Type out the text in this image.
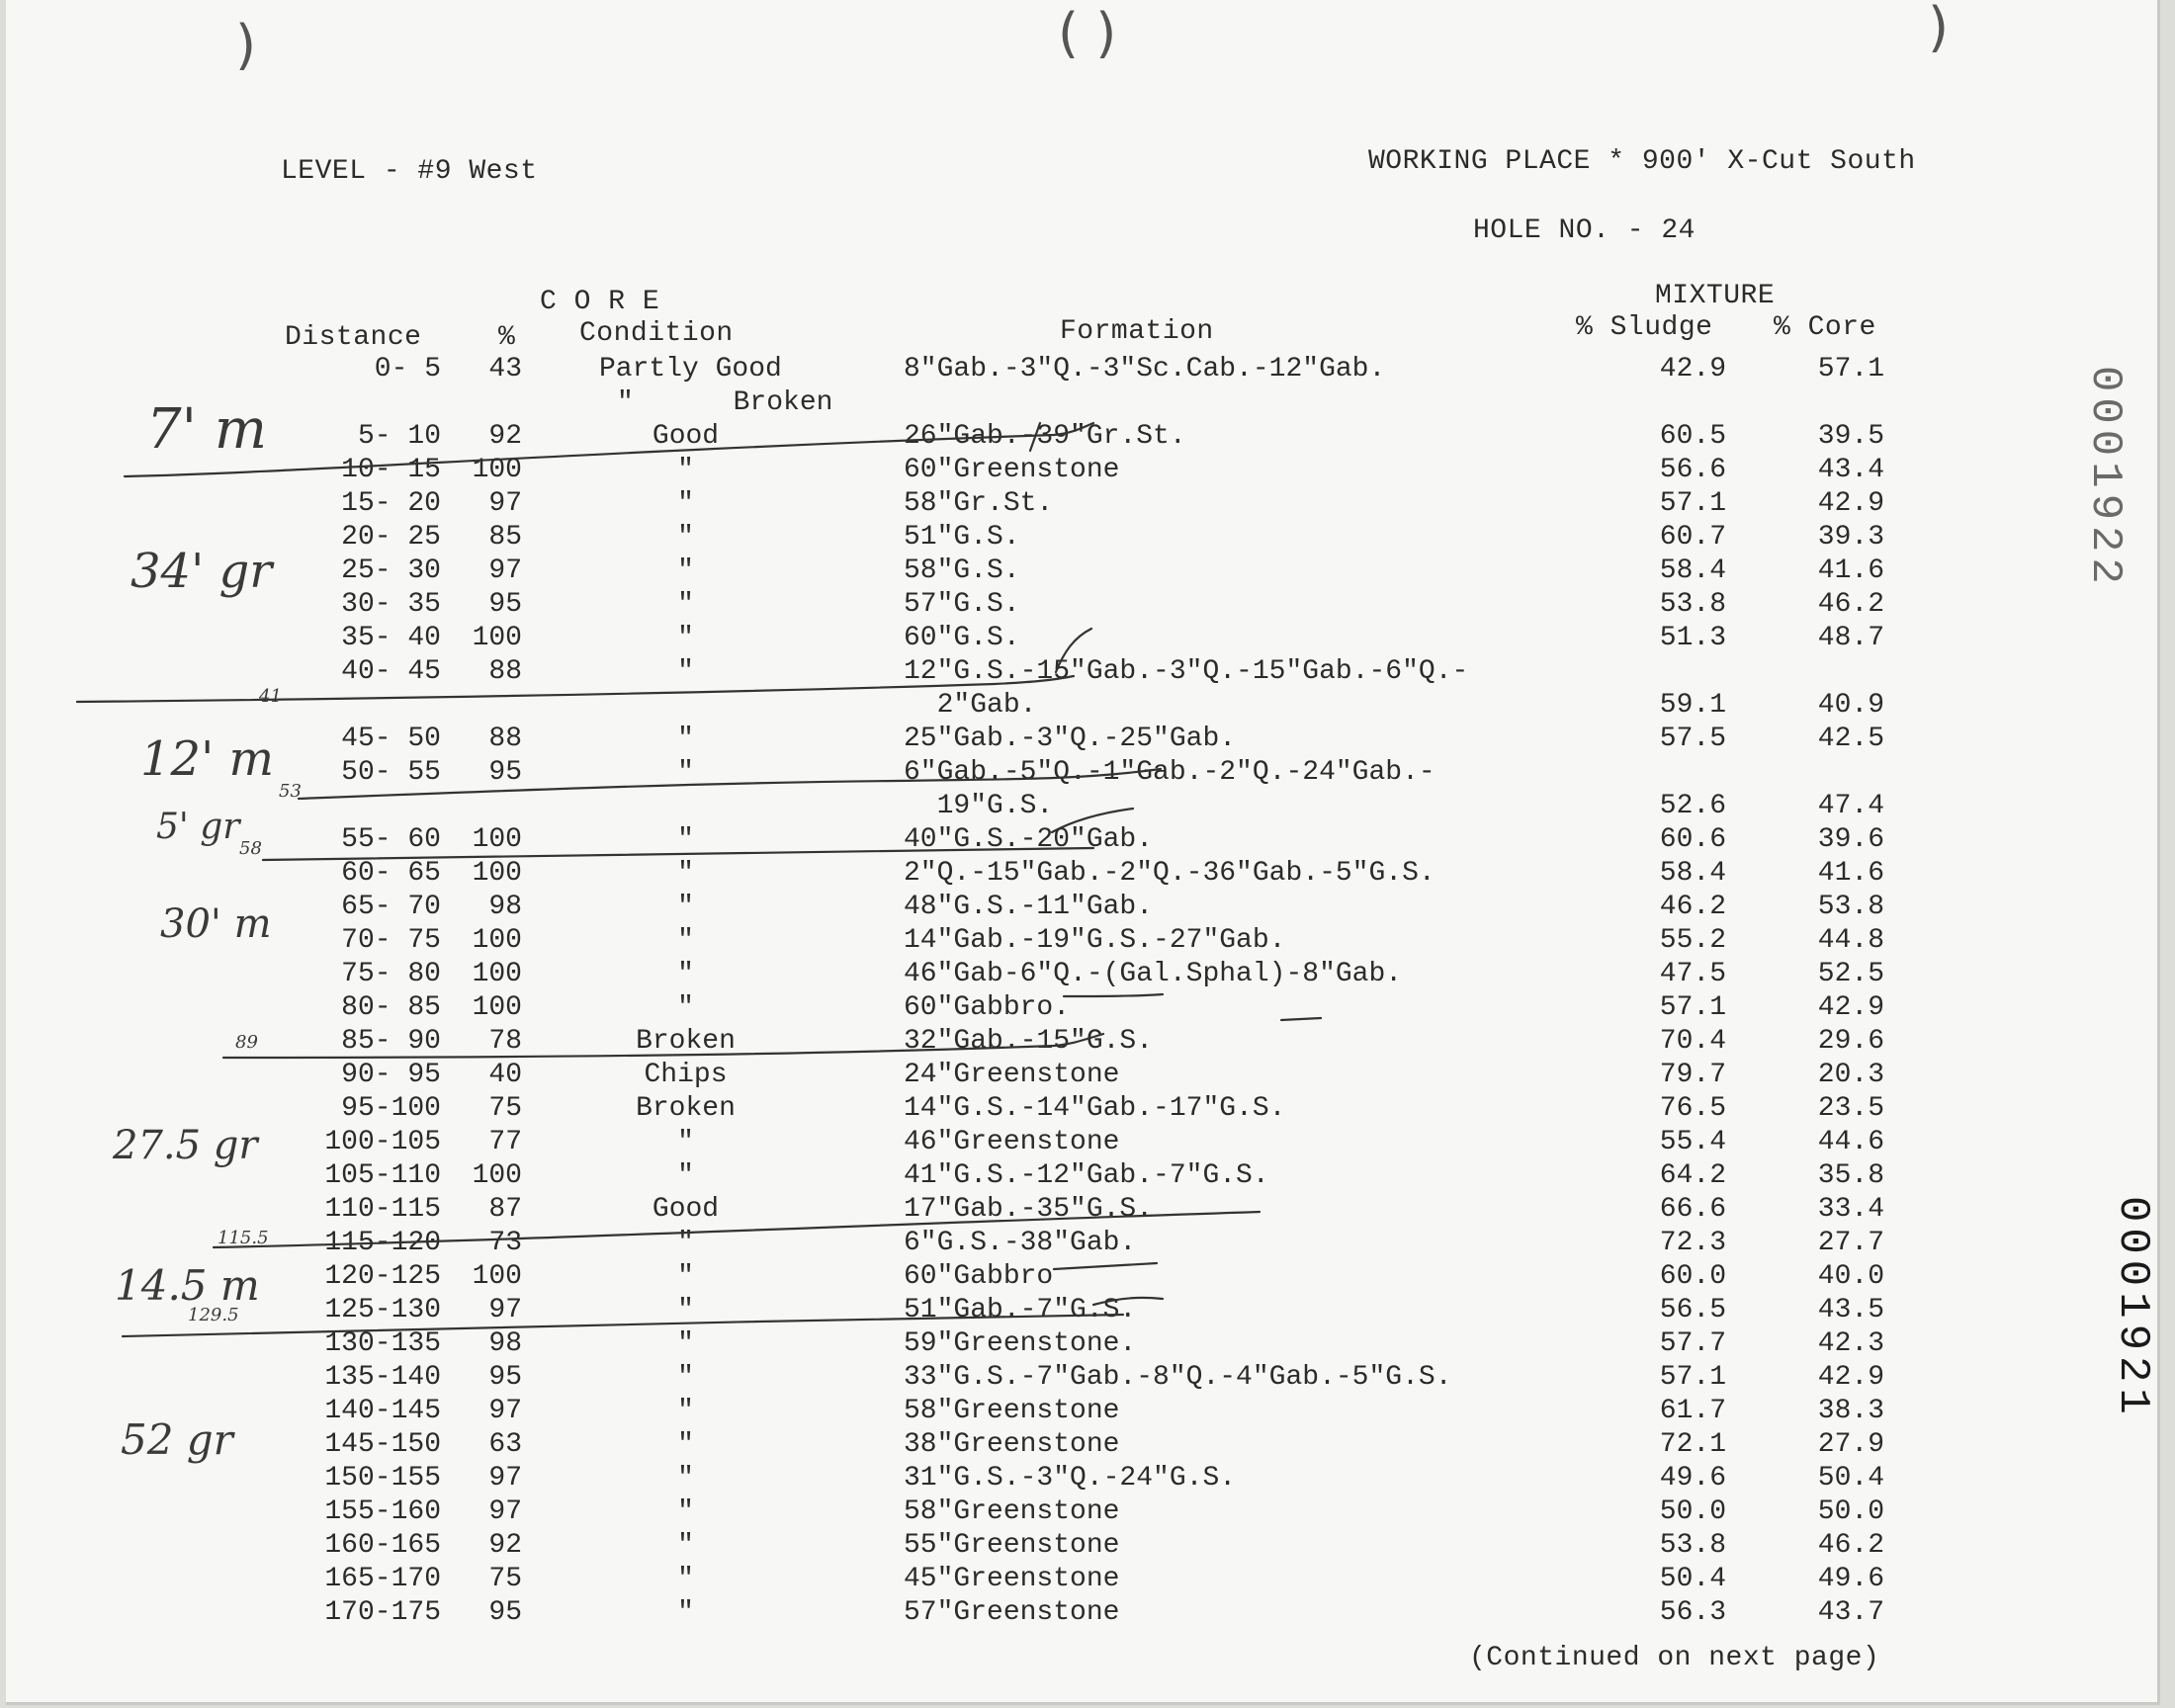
)	( )	)
LEVEL - #9 West	WORKING PLACE * 900' X-Cut South
HOLE NO. - 24
C O R E	MIXTURE
Distance	% Condition	Formation	% Sludge % Core
0- 5	43	Partly Good	8"Gab.-3"Q.-3"Sc.Cab.-12"Gab.	42.9	57.1
"      Broken
5- 10	92	Good	26"Gab.-39"Gr.St.	60.5	39.5
10- 15	100	"	60"Greenstone	56.6	43.4
15- 20	97	"	58"Gr.St.	57.1	42.9
20- 25	85	"	51"G.S.	60.7	39.3
25- 30	97	"	58"G.S.	58.4	41.6
30- 35	95	"	57"G.S.	53.8	46.2
35- 40	100	"	60"G.S.	51.3	48.7
40- 45	88	"	12"G.S.-15"Gab.-3"Q.-15"Gab.-6"Q.-
2"Gab.	59.1	40.9
45- 50	88	"	25"Gab.-3"Q.-25"Gab.	57.5	42.5
50- 55	95	"	6"Gab.-5"Q.-1"Gab.-2"Q.-24"Gab.-
19"G.S.	52.6	47.4
55- 60	100	"	40"G.S.-20"Gab.	60.6	39.6
60- 65	100	"	2"Q.-15"Gab.-2"Q.-36"Gab.-5"G.S.	58.4	41.6
65- 70	98	"	48"G.S.-11"Gab.	46.2	53.8
70- 75	100	"	14"Gab.-19"G.S.-27"Gab.	55.2	44.8
75- 80	100	"	46"Gab-6"Q.-(Gal.Sphal)-8"Gab.	47.5	52.5
80- 85	100	"	60"Gabbro.	57.1	42.9
85- 90	78	Broken	32"Gab.-15"G.S.	70.4	29.6
90- 95	40	Chips	24"Greenstone	79.7	20.3
95-100	75	Broken	14"G.S.-14"Gab.-17"G.S.	76.5	23.5
100-105	77	"	46"Greenstone	55.4	44.6
105-110	100	"	41"G.S.-12"Gab.-7"G.S.	64.2	35.8
110-115	87	Good	17"Gab.-35"G.S.	66.6	33.4
115-120	73	"	6"G.S.-38"Gab.	72.3	27.7
120-125	100	"	60"Gabbro	60.0	40.0
125-130	97	"	51"Gab.-7"G.S.	56.5	43.5
130-135	98	"	59"Greenstone.	57.7	42.3
135-140	95	"	33"G.S.-7"Gab.-8"Q.-4"Gab.-5"G.S.	57.1	42.9
140-145	97	"	58"Greenstone	61.7	38.3
145-150	63	"	38"Greenstone	72.1	27.9
150-155	97	"	31"G.S.-3"Q.-24"G.S.	49.6	50.4
155-160	97	"	58"Greenstone	50.0	50.0
160-165	92	"	55"Greenstone	53.8	46.2
165-170	75	"	45"Greenstone	50.4	49.6
170-175	95	"	57"Greenstone	56.3	43.7
(Continued on next page)
7' m
34' gr
12' m
5' gr
30' m
27.5 gr
14.5 m
52 gr
41
53
58
89
115.5
129.5
0001922
0001921
